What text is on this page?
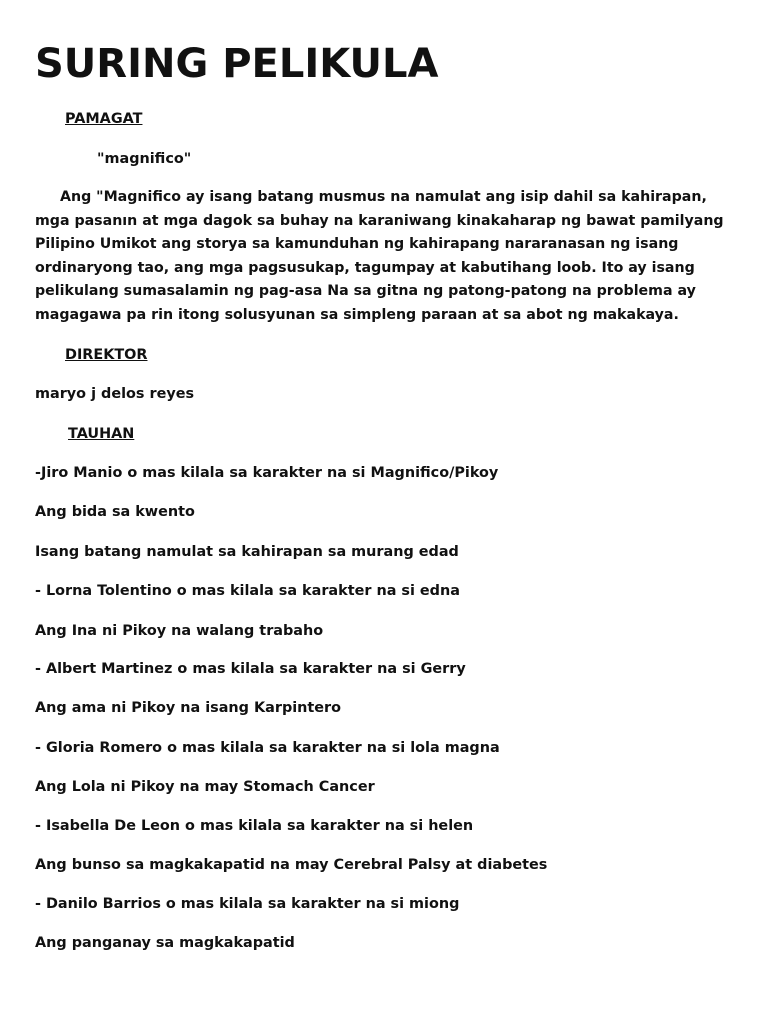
SURING PELIKULA

PAMAGAT

"magnifico"

Ang "Magnifico ay isang batang musmus na namulat ang isip dahil sa kahirapan, mga pasanın at mga dagok sa buhay na karaniwang kinakaharap ng bawat pamilyang Pilipino Umikot ang storya sa kamunduhan ng kahirapang nararanasan ng isang ordinaryong tao, ang mga pagsusukap, tagumpay at kabutihang loob. Ito ay isang pelikulang sumasalamin ng pag-asa Na sa gitna ng patong-patong na problema ay magagawa pa rin itong solusyunan sa simpleng paraan at sa abot ng makakaya.

DIREKTOR

maryo j delos reyes

TAUHAN

-Jiro Manio o mas kilala sa karakter na si Magnifico/Pikoy

Ang bida sa kwento

Isang batang namulat sa kahirapan sa murang edad

- Lorna Tolentino o mas kilala sa karakter na si edna

Ang Ina ni Pikoy na walang trabaho

- Albert Martinez o mas kilala sa karakter na si Gerry

Ang ama ni Pikoy na isang Karpintero

- Gloria Romero o mas kilala sa karakter na si lola magna

Ang Lola ni Pikoy na may Stomach Cancer

- Isabella De Leon o mas kilala sa karakter na si helen

Ang bunso sa magkakapatid na may Cerebral Palsy at diabetes

- Danilo Barrios o mas kilala sa karakter na si miong

Ang panganay sa magkakapatid
